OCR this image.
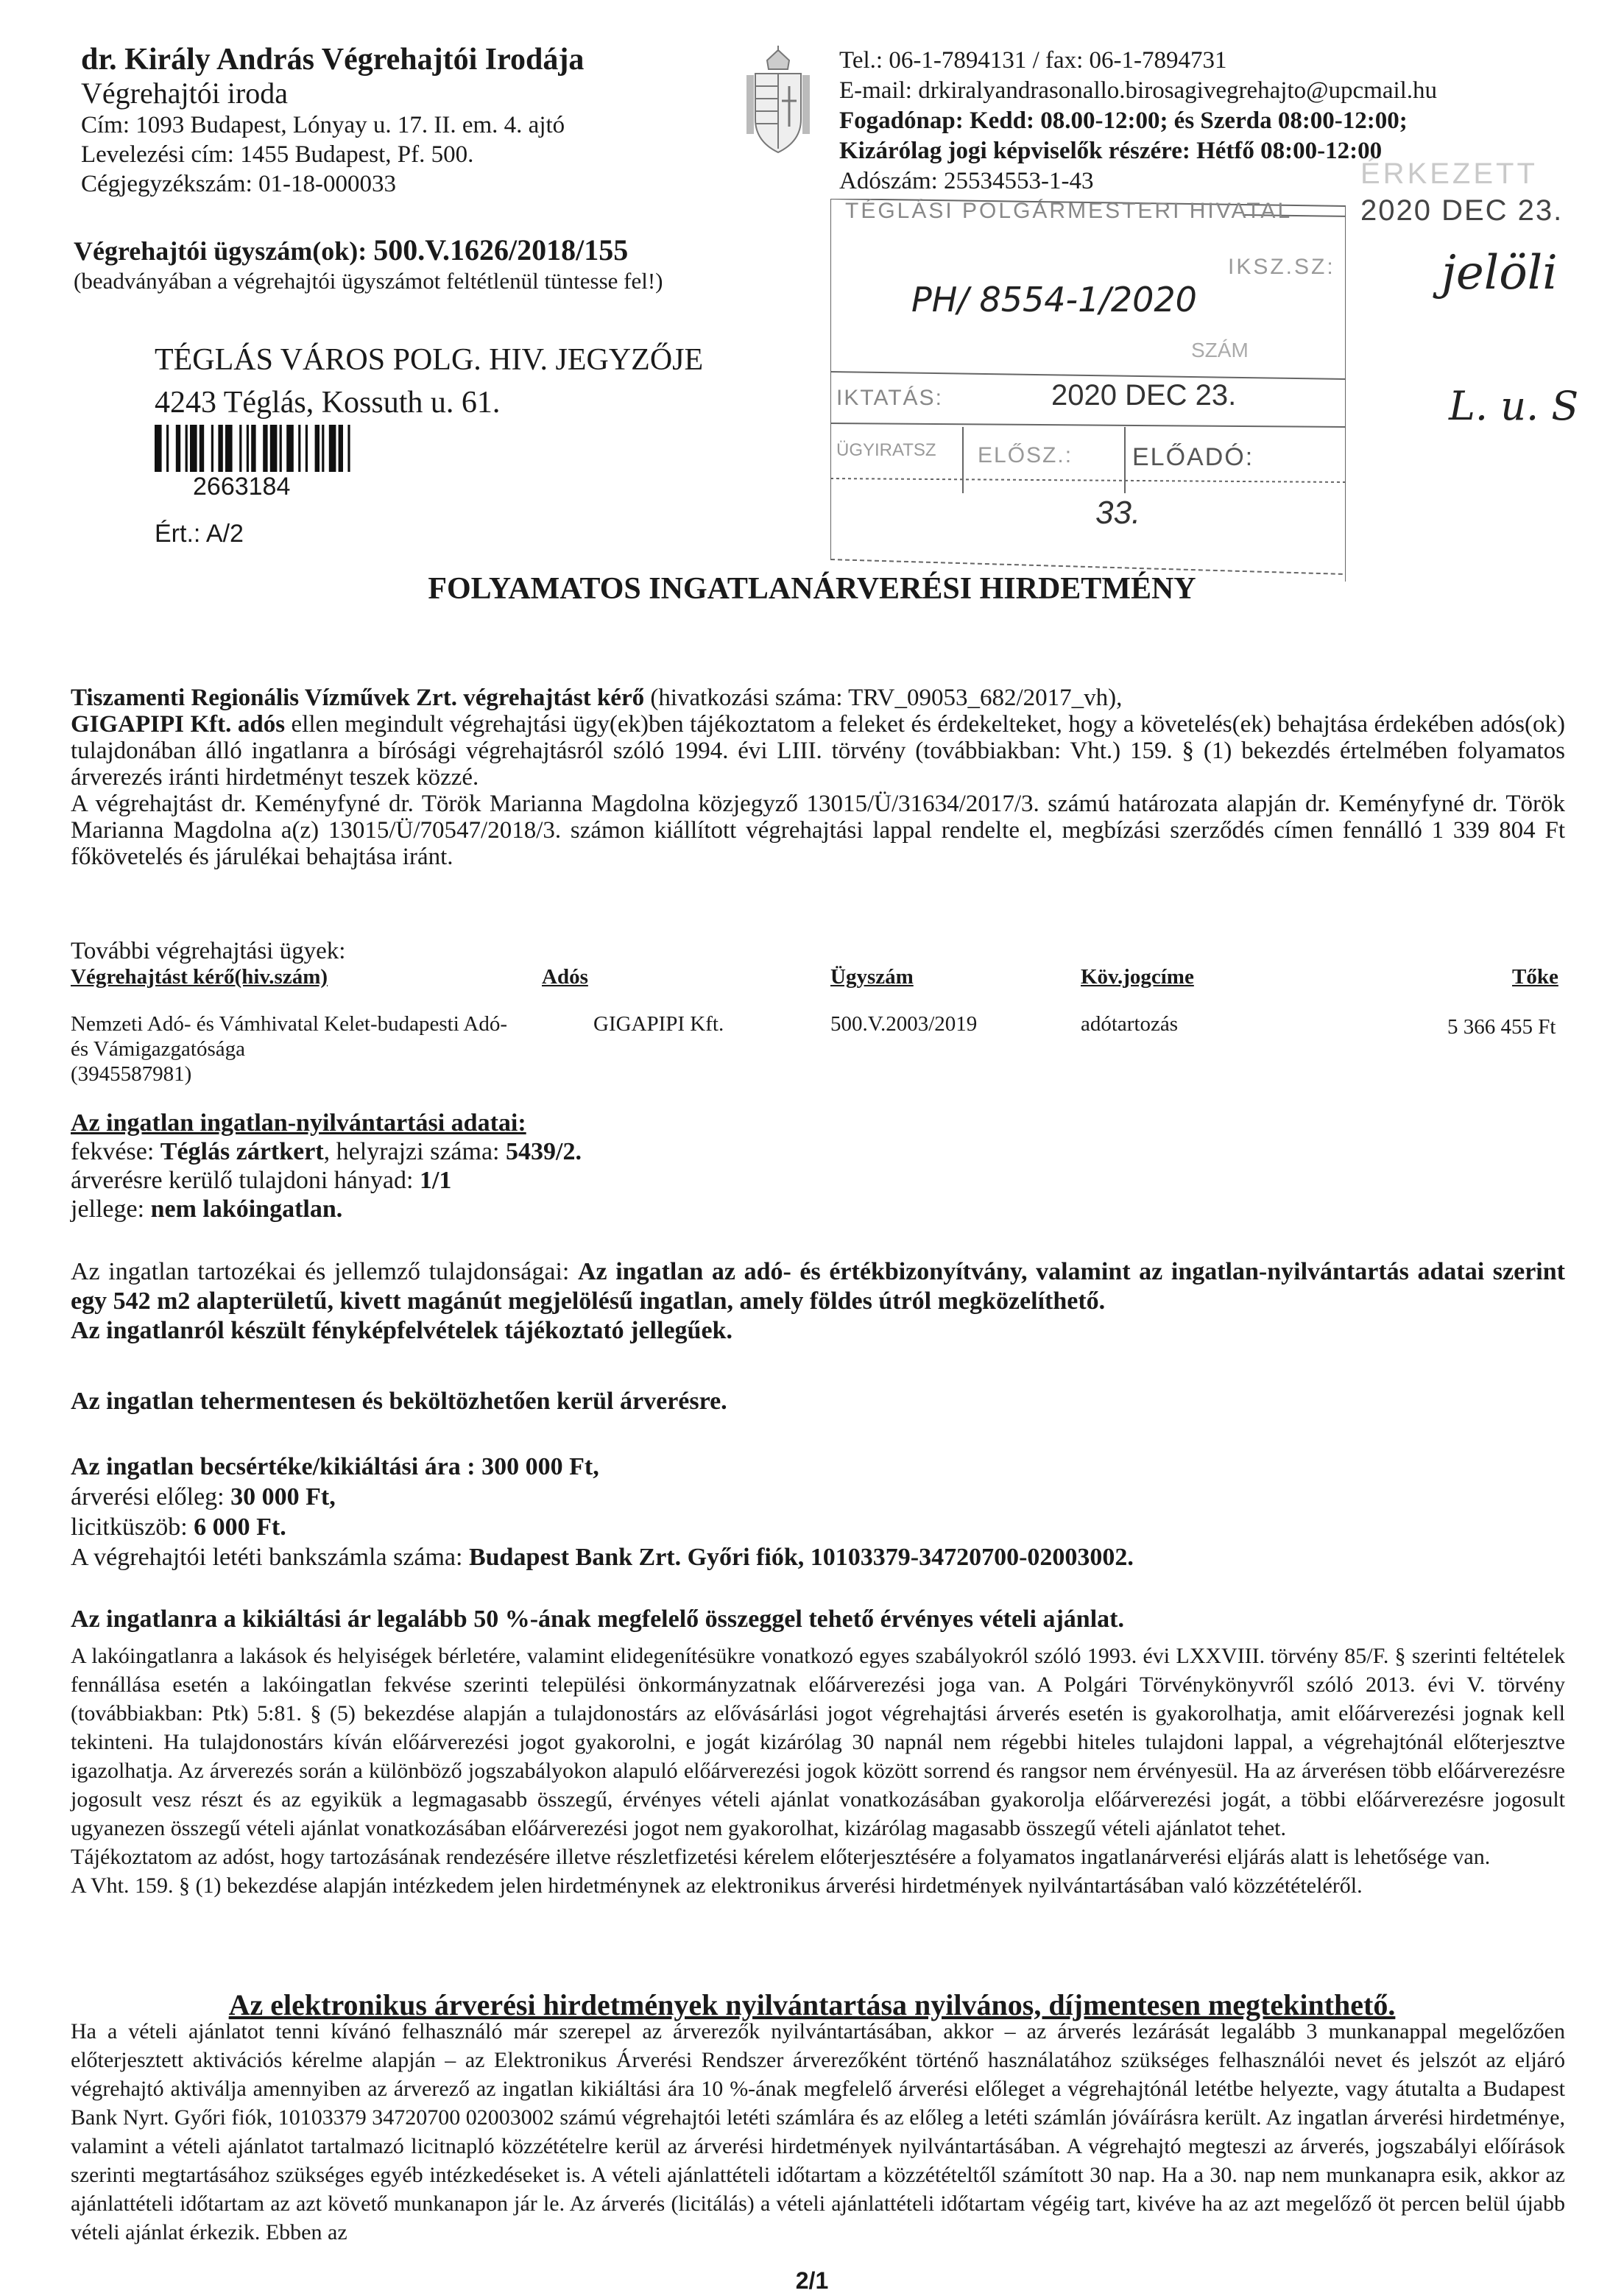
dr. Király András Végrehajtói Irodája
Végrehajtói iroda
Cím: 1093 Budapest, Lónyay u. 17. II. em. 4. ajtó
Levelezési cím: 1455 Budapest, Pf. 500.
Cégjegyzékszám: 01-18-000033
Tel.: 06-1-7894131 / fax: 06-1-7894731
E-mail: drkiralyandrasonallo.birosagivegrehajto@upcmail.hu
Fogadónap: Kedd: 08.00-12:00; és Szerda 08:00-12:00;
Kizárólag jogi képviselők részére: Hétfő 08:00-12:00
Adószám: 25534553-1-43	ÉRKEZETT
TÉGLÁSI POLGÁRMESTERI HIVATAL 2020 DEC 23.
IKSZ.SZ:
PH/ 8554-1/2020
SZÁM
IKTATÁS:	2020 DEC 23.
ÜGYIRATSZ ELŐSZ.: ELŐADÓ:
33.
jelöli
L. u. S
Végrehajtói ügyszám(ok): 500.V.1626/2018/155
(beadványában a végrehajtói ügyszámot feltétlenül tüntesse fel!)
TÉGLÁS VÁROS POLG. HIV. JEGYZŐJE
4243 Téglás, Kossuth u. 61.
2663184
Ért.: A/2
FOLYAMATOS INGATLANÁRVERÉSI HIRDETMÉNY

Tiszamenti Regionális Vízművek Zrt. végrehajtást kérő (hivatkozási száma: TRV_09053_682/2017_vh),

GIGAPIPI Kft. adós ellen megindult végrehajtási ügy(ek)ben tájékoztatom a feleket és érdekelteket, hogy a követelés(ek) behajtása érdekében adós(ok) tulajdonában álló ingatlanra a bírósági végrehajtásról szóló 1994. évi LIII. törvény (továbbiakban: Vht.) 159. § (1) bekezdés értelmében folyamatos árverezés iránti hirdetményt teszek közzé.

A végrehajtást dr. Keményfyné dr. Török Marianna Magdolna közjegyző 13015/Ü/31634/2017/3. számú határozata alapján dr. Keményfyné dr. Török Marianna Magdolna a(z) 13015/Ü/70547/2018/3. számon kiállított végrehajtási lappal rendelte el, megbízási szerződés címen fennálló 1 339 804 Ft főkövetelés és járulékai behajtása iránt.

További végrehajtási ügyek:
Végrehajtást kérő(hiv.szám)	Adós	Ügyszám	Köv.jogcíme	Tőke
Nemzeti Adó- és Vámhivatal Kelet-budapesti Adó-
és Vámigazgatósága
(3945587981)
GIGAPIPI Kft.	500.V.2003/2019	adótartozás	5 366 455 Ft
Az ingatlan ingatlan-nyilvántartási adatai:
fekvése: Téglás zártkert, helyrajzi száma: 5439/2.
árverésre kerülő tulajdoni hányad: 1/1
jellege: nem lakóingatlan.
Az ingatlan tartozékai és jellemző tulajdonságai: Az ingatlan az adó- és értékbizonyítvány, valamint az ingatlan-nyilvántartás adatai szerint egy 542 m2 alapterületű, kivett magánút megjelölésű ingatlan, amely földes útról megközelíthető.
Az ingatlanról készült fényképfelvételek tájékoztató jellegűek.
Az ingatlan tehermentesen és beköltözhetően kerül árverésre.
Az ingatlan becsértéke/kikiáltási ára : 300 000 Ft,
árverési előleg: 30 000 Ft,
licitküszöb: 6 000 Ft.
A végrehajtói letéti bankszámla száma: Budapest Bank Zrt. Győri fiók, 10103379-34720700-02003002.
Az ingatlanra a kikiáltási ár legalább 50 %-ának megfelelő összeggel tehető érvényes vételi ajánlat.

A lakóingatlanra a lakások és helyiségek bérletére, valamint elidegenítésükre vonatkozó egyes szabályokról szóló 1993. évi LXXVIII. törvény 85/F. § szerinti feltételek fennállása esetén a lakóingatlan fekvése szerinti települési önkormányzatnak előárverezési joga van. A Polgári Törvénykönyvről szóló 2013. évi V. törvény (továbbiakban: Ptk) 5:81. § (5) bekezdése alapján a tulajdonostárs az elővásárlási jogot végrehajtási árverés esetén is gyakorolhatja, amit előárverezési jognak kell tekinteni. Ha tulajdonostárs kíván előárverezési jogot gyakorolni, e jogát kizárólag 30 napnál nem régebbi hiteles tulajdoni lappal, a végrehajtónál előterjesztve igazolhatja. Az árverezés során a különböző jogszabályokon alapuló előárverezési jogok között sorrend és rangsor nem érvényesül. Ha az árverésen több előárverezésre jogosult vesz részt és az egyikük a legmagasabb összegű, érvényes vételi ajánlat vonatkozásában gyakorolja előárverezési jogát, a többi előárverezésre jogosult ugyanezen összegű vételi ajánlat vonatkozásában előárverezési jogot nem gyakorolhat, kizárólag magasabb összegű vételi ajánlatot tehet.

Tájékoztatom az adóst, hogy tartozásának rendezésére illetve részletfizetési kérelem előterjesztésére a folyamatos ingatlanárverési eljárás alatt is lehetősége van.

A Vht. 159. § (1) bekezdése alapján intézkedem jelen hirdetménynek az elektronikus árverési hirdetmények nyilvántartásában való közzétételéről.

Az elektronikus árverési hirdetmények nyilvántartása nyilvános, díjmentesen megtekinthető.
Ha a vételi ajánlatot tenni kívánó felhasználó már szerepel az árverezők nyilvántartásában, akkor – az árverés lezárását legalább 3 munkanappal megelőzően előterjesztett aktivációs kérelme alapján – az Elektronikus Árverési Rendszer árverezőként történő használatához szükséges felhasználói nevet és jelszót az eljáró végrehajtó aktiválja amennyiben az árverező az ingatlan kikiáltási ára 10 %-ának megfelelő árverési előleget a végrehajtónál letétbe helyezte, vagy átutalta a Budapest Bank Nyrt. Győri fiók, 10103379 34720700 02003002 számú végrehajtói letéti számlára és az előleg a letéti számlán jóváírásra került. Az ingatlan árverési hirdetménye, valamint a vételi ajánlatot tartalmazó licitnapló közzétételre kerül az árverési hirdetmények nyilvántartásában. A végrehajtó megteszi az árverés, jogszabályi előírások szerinti megtartásához szükséges egyéb intézkedéseket is. A vételi ajánlattételi időtartam a közzétételtől számított 30 nap. Ha a 30. nap nem munkanapra esik, akkor az ajánlattételi időtartam az azt követő munkanapon jár le. Az árverés (licitálás) a vételi ajánlattételi időtartam végéig tart, kivéve ha az azt megelőző öt percen belül újabb vételi ajánlat érkezik. Ebben az
2/1
